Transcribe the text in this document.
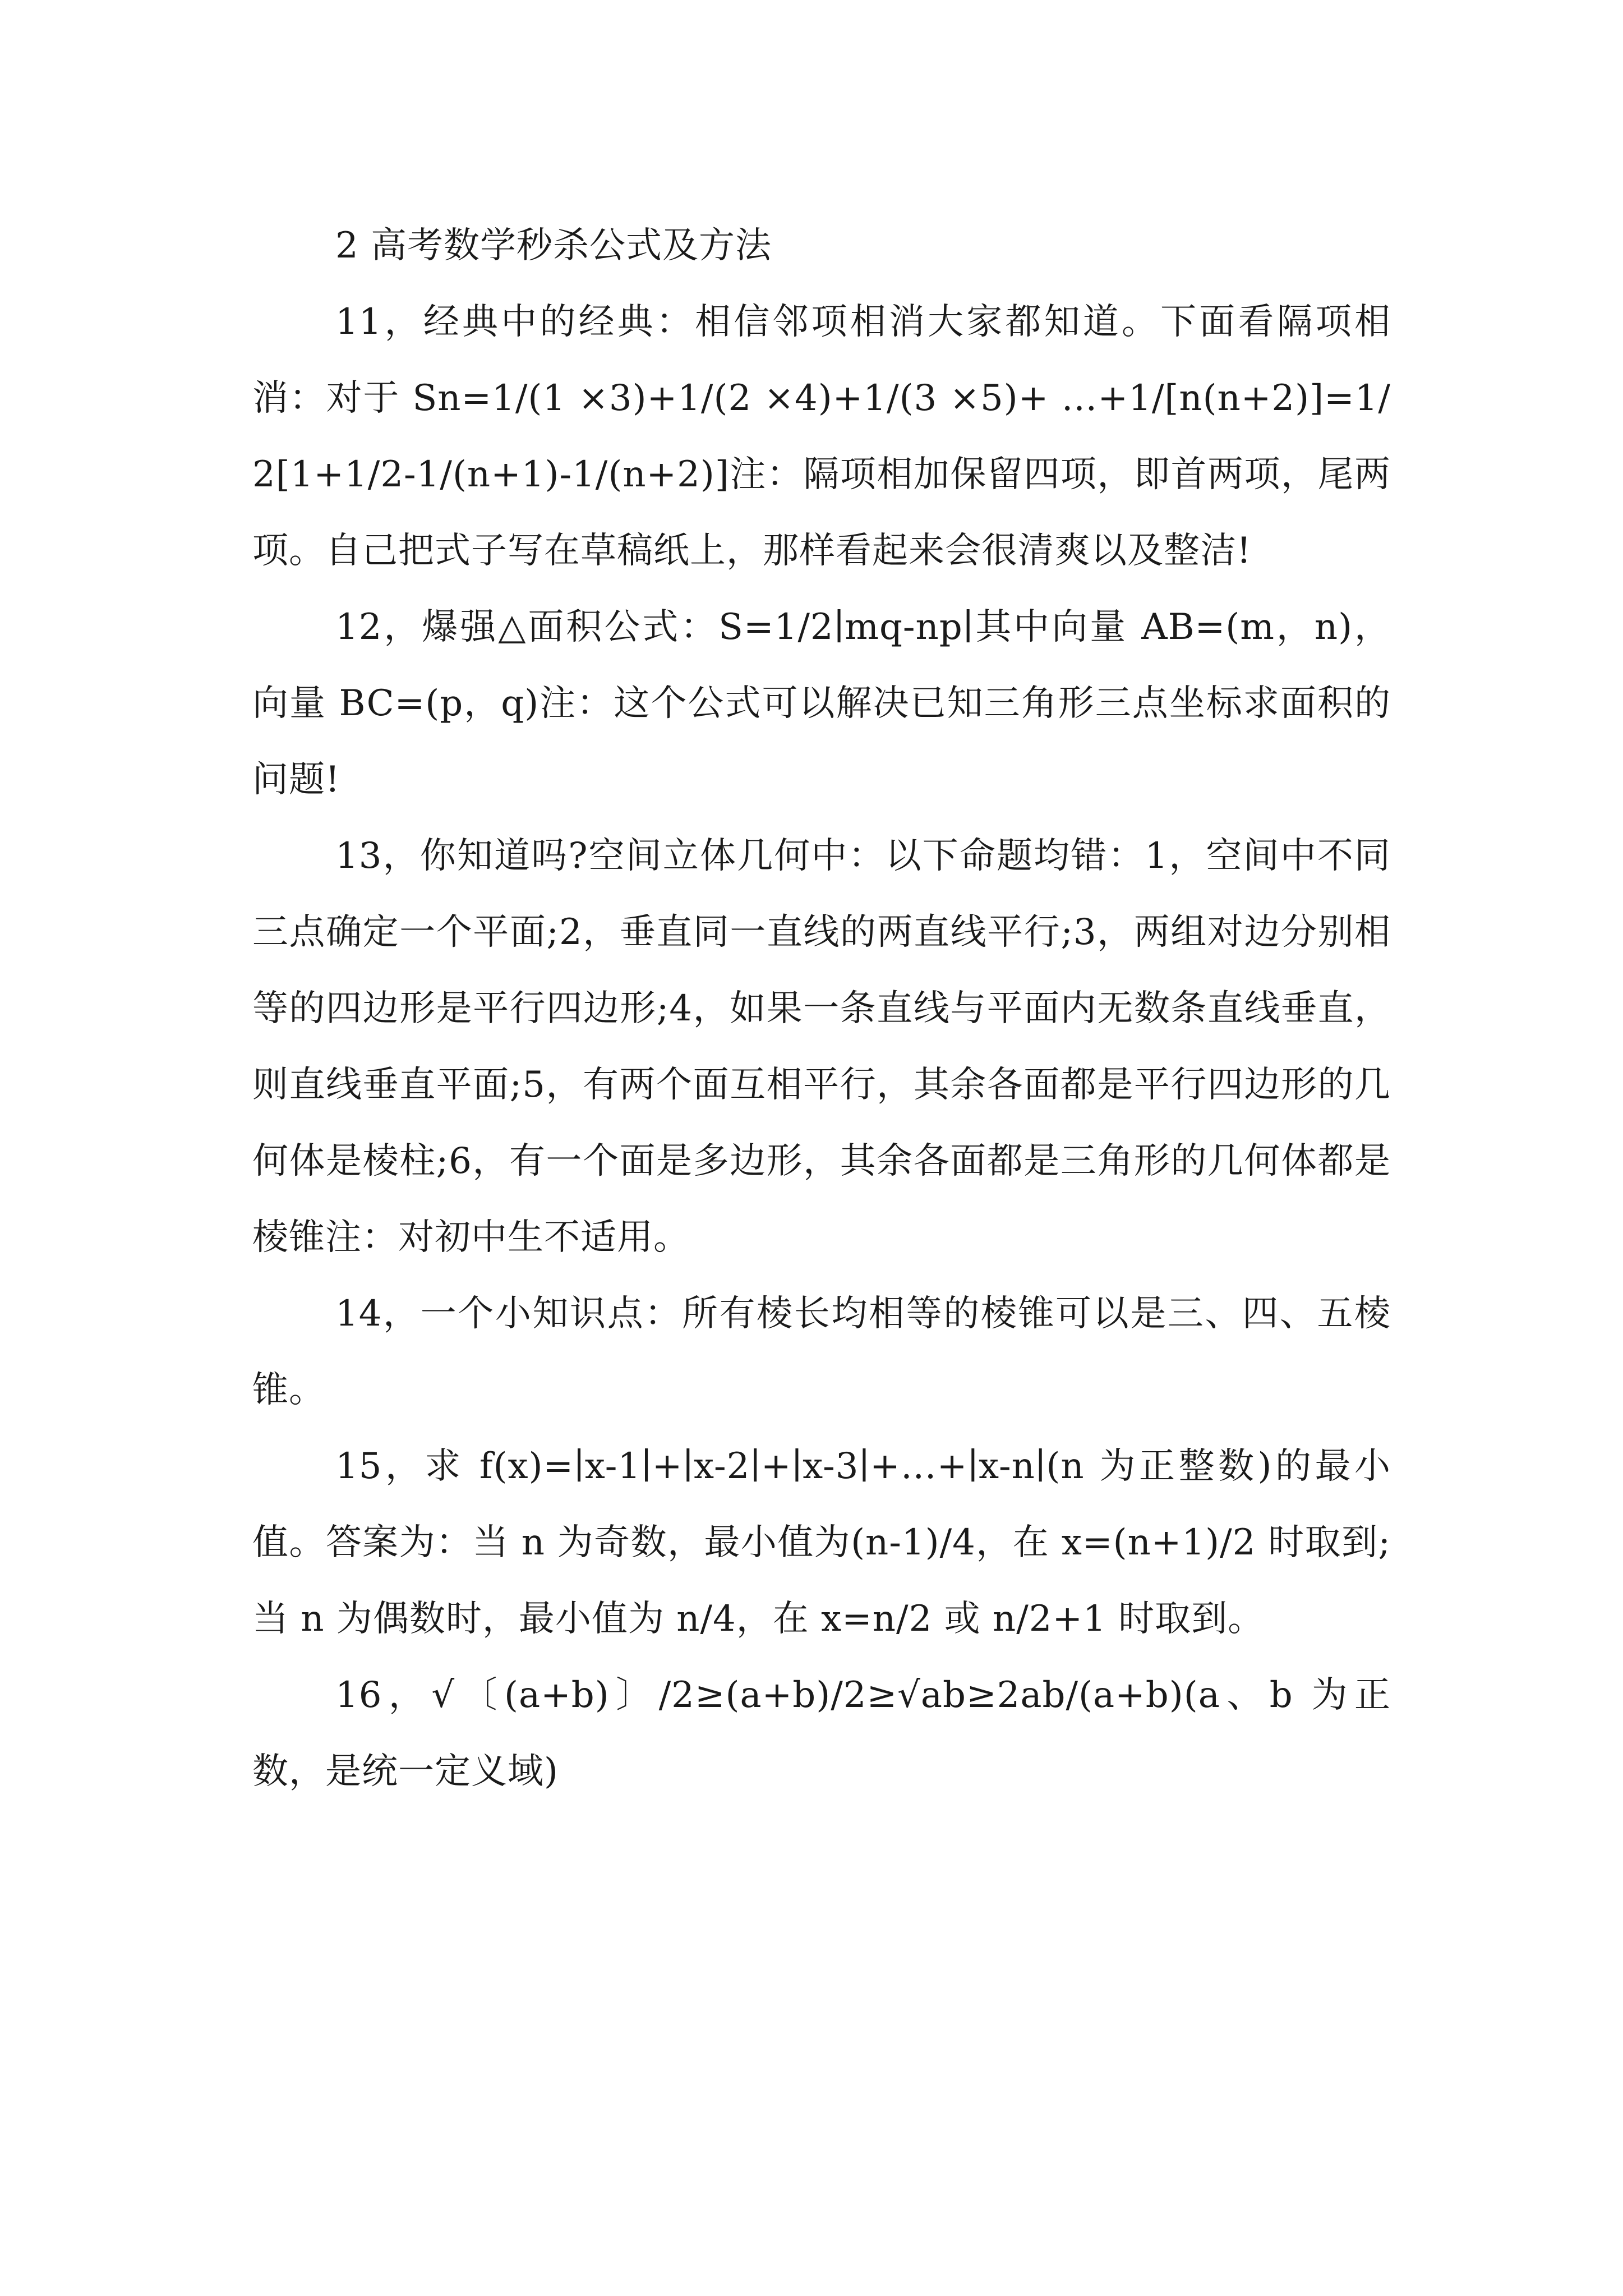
2 高考数学秒杀公式及方法

11，经典中的经典：相信邻项相消大家都知道。下面看隔项相消：对于 Sn=1/(1 ×3)+1/(2 ×4)+1/(3 ×5)+ …+1/[n(n+2)]=1/2[1+1/2-1/(n+1)-1/(n+2)]注：隔项相加保留四项，即首两项，尾两项。自己把式子写在草稿纸上，那样看起来会很清爽以及整洁!

12，爆强△面积公式：S=1/2∣mq-np∣其中向量 AB=(m，n)，向量 BC=(p，q)注：这个公式可以解决已知三角形三点坐标求面积的问题!

13，你知道吗?空间立体几何中：以下命题均错：1，空间中不同三点确定一个平面;2，垂直同一直线的两直线平行;3，两组对边分别相等的四边形是平行四边形;4，如果一条直线与平面内无数条直线垂直，则直线垂直平面;5，有两个面互相平行，其余各面都是平行四边形的几何体是棱柱;6，有一个面是多边形，其余各面都是三角形的几何体都是棱锥注：对初中生不适用。

14，一个小知识点：所有棱长均相等的棱锥可以是三、四、五棱锥。

15，求 f(x)=∣x-1∣+∣x-2∣+∣x-3∣+…+∣x-n∣(n 为正整数)的最小值。答案为：当 n 为奇数，最小值为(n-1)/4，在 x=(n+1)/2 时取到;当 n 为偶数时，最小值为 n/4，在 x=n/2 或 n/2+1 时取到。

16，√〔(a+b)〕/2≥(a+b)/2≥√ab≥2ab/(a+b)(a、b 为正数，是统一定义域)
